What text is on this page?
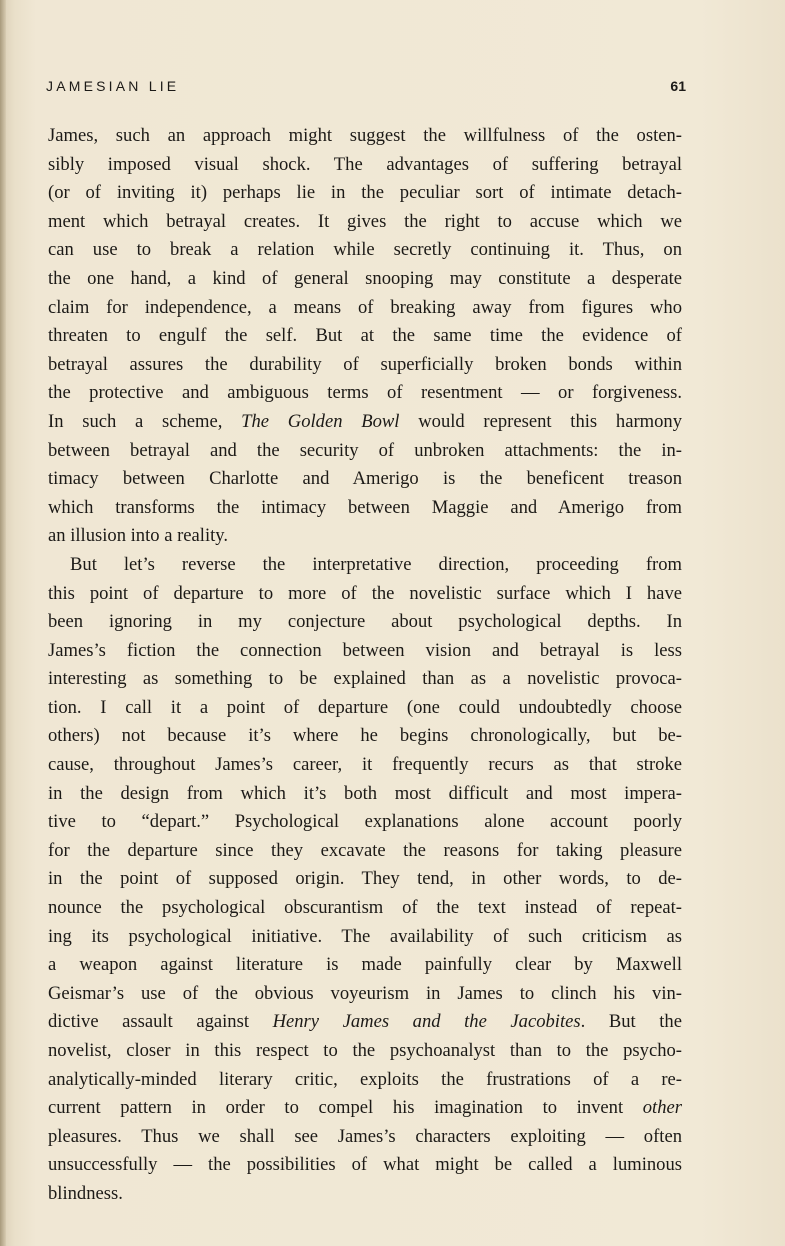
JAMESIAN LIE	61
James, such an approach might suggest the willfulness of the osten-
sibly imposed visual shock. The advantages of suffering betrayal
(or of inviting it) perhaps lie in the peculiar sort of intimate detach-
ment which betrayal creates. It gives the right to accuse which we
can use to break a relation while secretly continuing it. Thus, on
the one hand, a kind of general snooping may constitute a desperate
claim for independence, a means of breaking away from figures who
threaten to engulf the self. But at the same time the evidence of
betrayal assures the durability of superficially broken bonds within
the protective and ambiguous terms of resentment — or forgiveness.
In such a scheme, The Golden Bowl would represent this harmony
between betrayal and the security of unbroken attachments: the in-
timacy between Charlotte and Amerigo is the beneficent treason
which transforms the intimacy between Maggie and Amerigo from
an illusion into a reality.
But let’s reverse the interpretative direction, proceeding from
this point of departure to more of the novelistic surface which I have
been ignoring in my conjecture about psychological depths. In
James’s fiction the connection between vision and betrayal is less
interesting as something to be explained than as a novelistic provoca-
tion. I call it a point of departure (one could undoubtedly choose
others) not because it’s where he begins chronologically, but be-
cause, throughout James’s career, it frequently recurs as that stroke
in the design from which it’s both most difficult and most impera-
tive to “depart.” Psychological explanations alone account poorly
for the departure since they excavate the reasons for taking pleasure
in the point of supposed origin. They tend, in other words, to de-
nounce the psychological obscurantism of the text instead of repeat-
ing its psychological initiative. The availability of such criticism as
a weapon against literature is made painfully clear by Maxwell
Geismar’s use of the obvious voyeurism in James to clinch his vin-
dictive assault against Henry James and the Jacobites. But the
novelist, closer in this respect to the psychoanalyst than to the psycho-
analytically-minded literary critic, exploits the frustrations of a re-
current pattern in order to compel his imagination to invent other
pleasures. Thus we shall see James’s characters exploiting — often
unsuccessfully — the possibilities of what might be called a luminous
blindness.
